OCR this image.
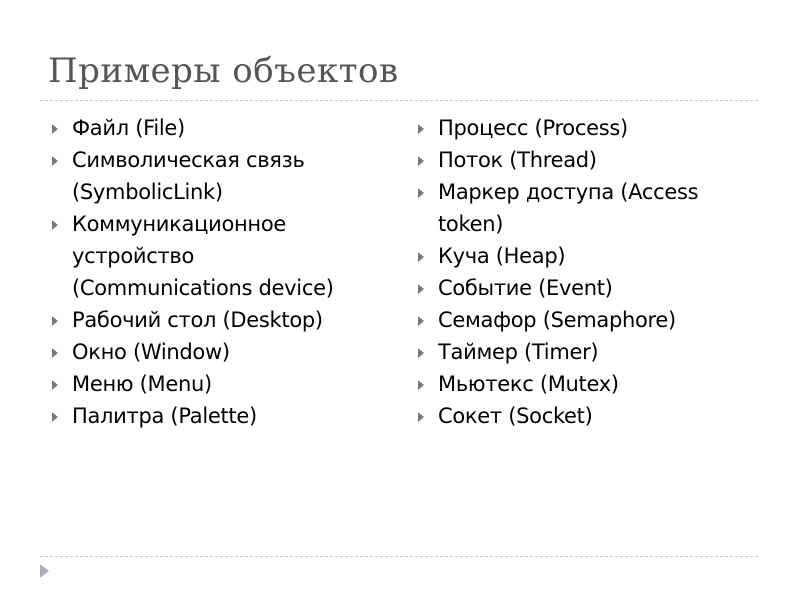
Примеры объектов
Файл (File)
Символическая связь (SymbolicLink)
Коммуникационное устройство (Communications device)
Рабочий стол (Desktop)
Окно (Window)
Меню (Menu)
Палитра (Palette)
Процесс (Process)
Поток (Thread)
Маркер доступа (Access token)
Куча (Heap)
Событие (Event)
Семафор (Semaphore)
Таймер (Timer)
Мьютекс (Mutex)
Сокет (Socket)
